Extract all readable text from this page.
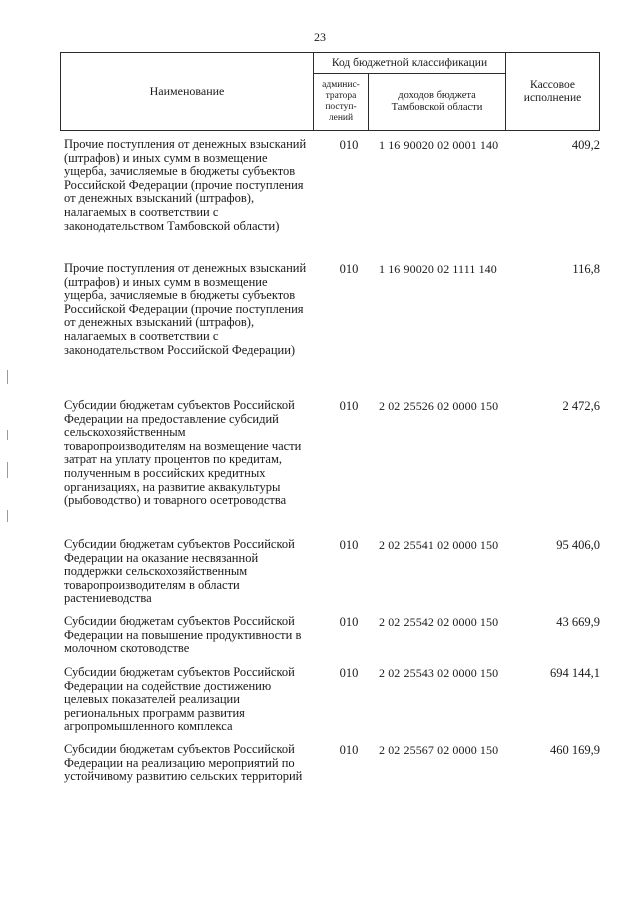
23
Наименование	Код бюджетной классификации		Кассовое исполнение
	админис-тратора поступ-лений	доходов бюджета Тамбовской области	
Прочие поступления от денежных взысканий (штрафов) и иных сумм в возмещение ущерба, зачисляемые в бюджеты субъектов Российской Федерации (прочие поступления от денежных взысканий (штрафов), налагаемых в соответствии с законодательством Тамбовской области)
010	1 16 90020 02 0001 140	409,2
Прочие поступления от денежных взысканий (штрафов) и иных сумм в возмещение ущерба, зачисляемые в бюджеты субъектов Российской Федерации (прочие поступления от денежных взысканий (штрафов), налагаемых в соответствии с законодательством Российской Федерации)
010	1 16 90020 02 1111 140	116,8
Субсидии бюджетам субъектов Российской Федерации на предоставление субсидий сельскохозяйственным товаропроизводителям на возмещение части затрат на уплату процентов по кредитам, полученным в российских кредитных организациях, на развитие аквакультуры (рыбоводство) и товарного осетроводства
010	2 02 25526 02 0000 150	2 472,6
Субсидии бюджетам субъектов Российской Федерации на оказание несвязанной поддержки сельскохозяйственным товаропроизводителям в области растениеводства
010	2 02 25541 02 0000 150	95 406,0
Субсидии бюджетам субъектов Российской Федерации на повышение продуктивности в молочном скотоводстве
010	2 02 25542 02 0000 150	43 669,9
Субсидии бюджетам субъектов Российской Федерации на содействие достижению целевых показателей реализации региональных программ развития агропромышленного комплекса
010	2 02 25543 02 0000 150	694 144,1
Субсидии бюджетам субъектов Российской Федерации на реализацию мероприятий по устойчивому развитию сельских территорий
010	2 02 25567 02 0000 150	460 169,9
